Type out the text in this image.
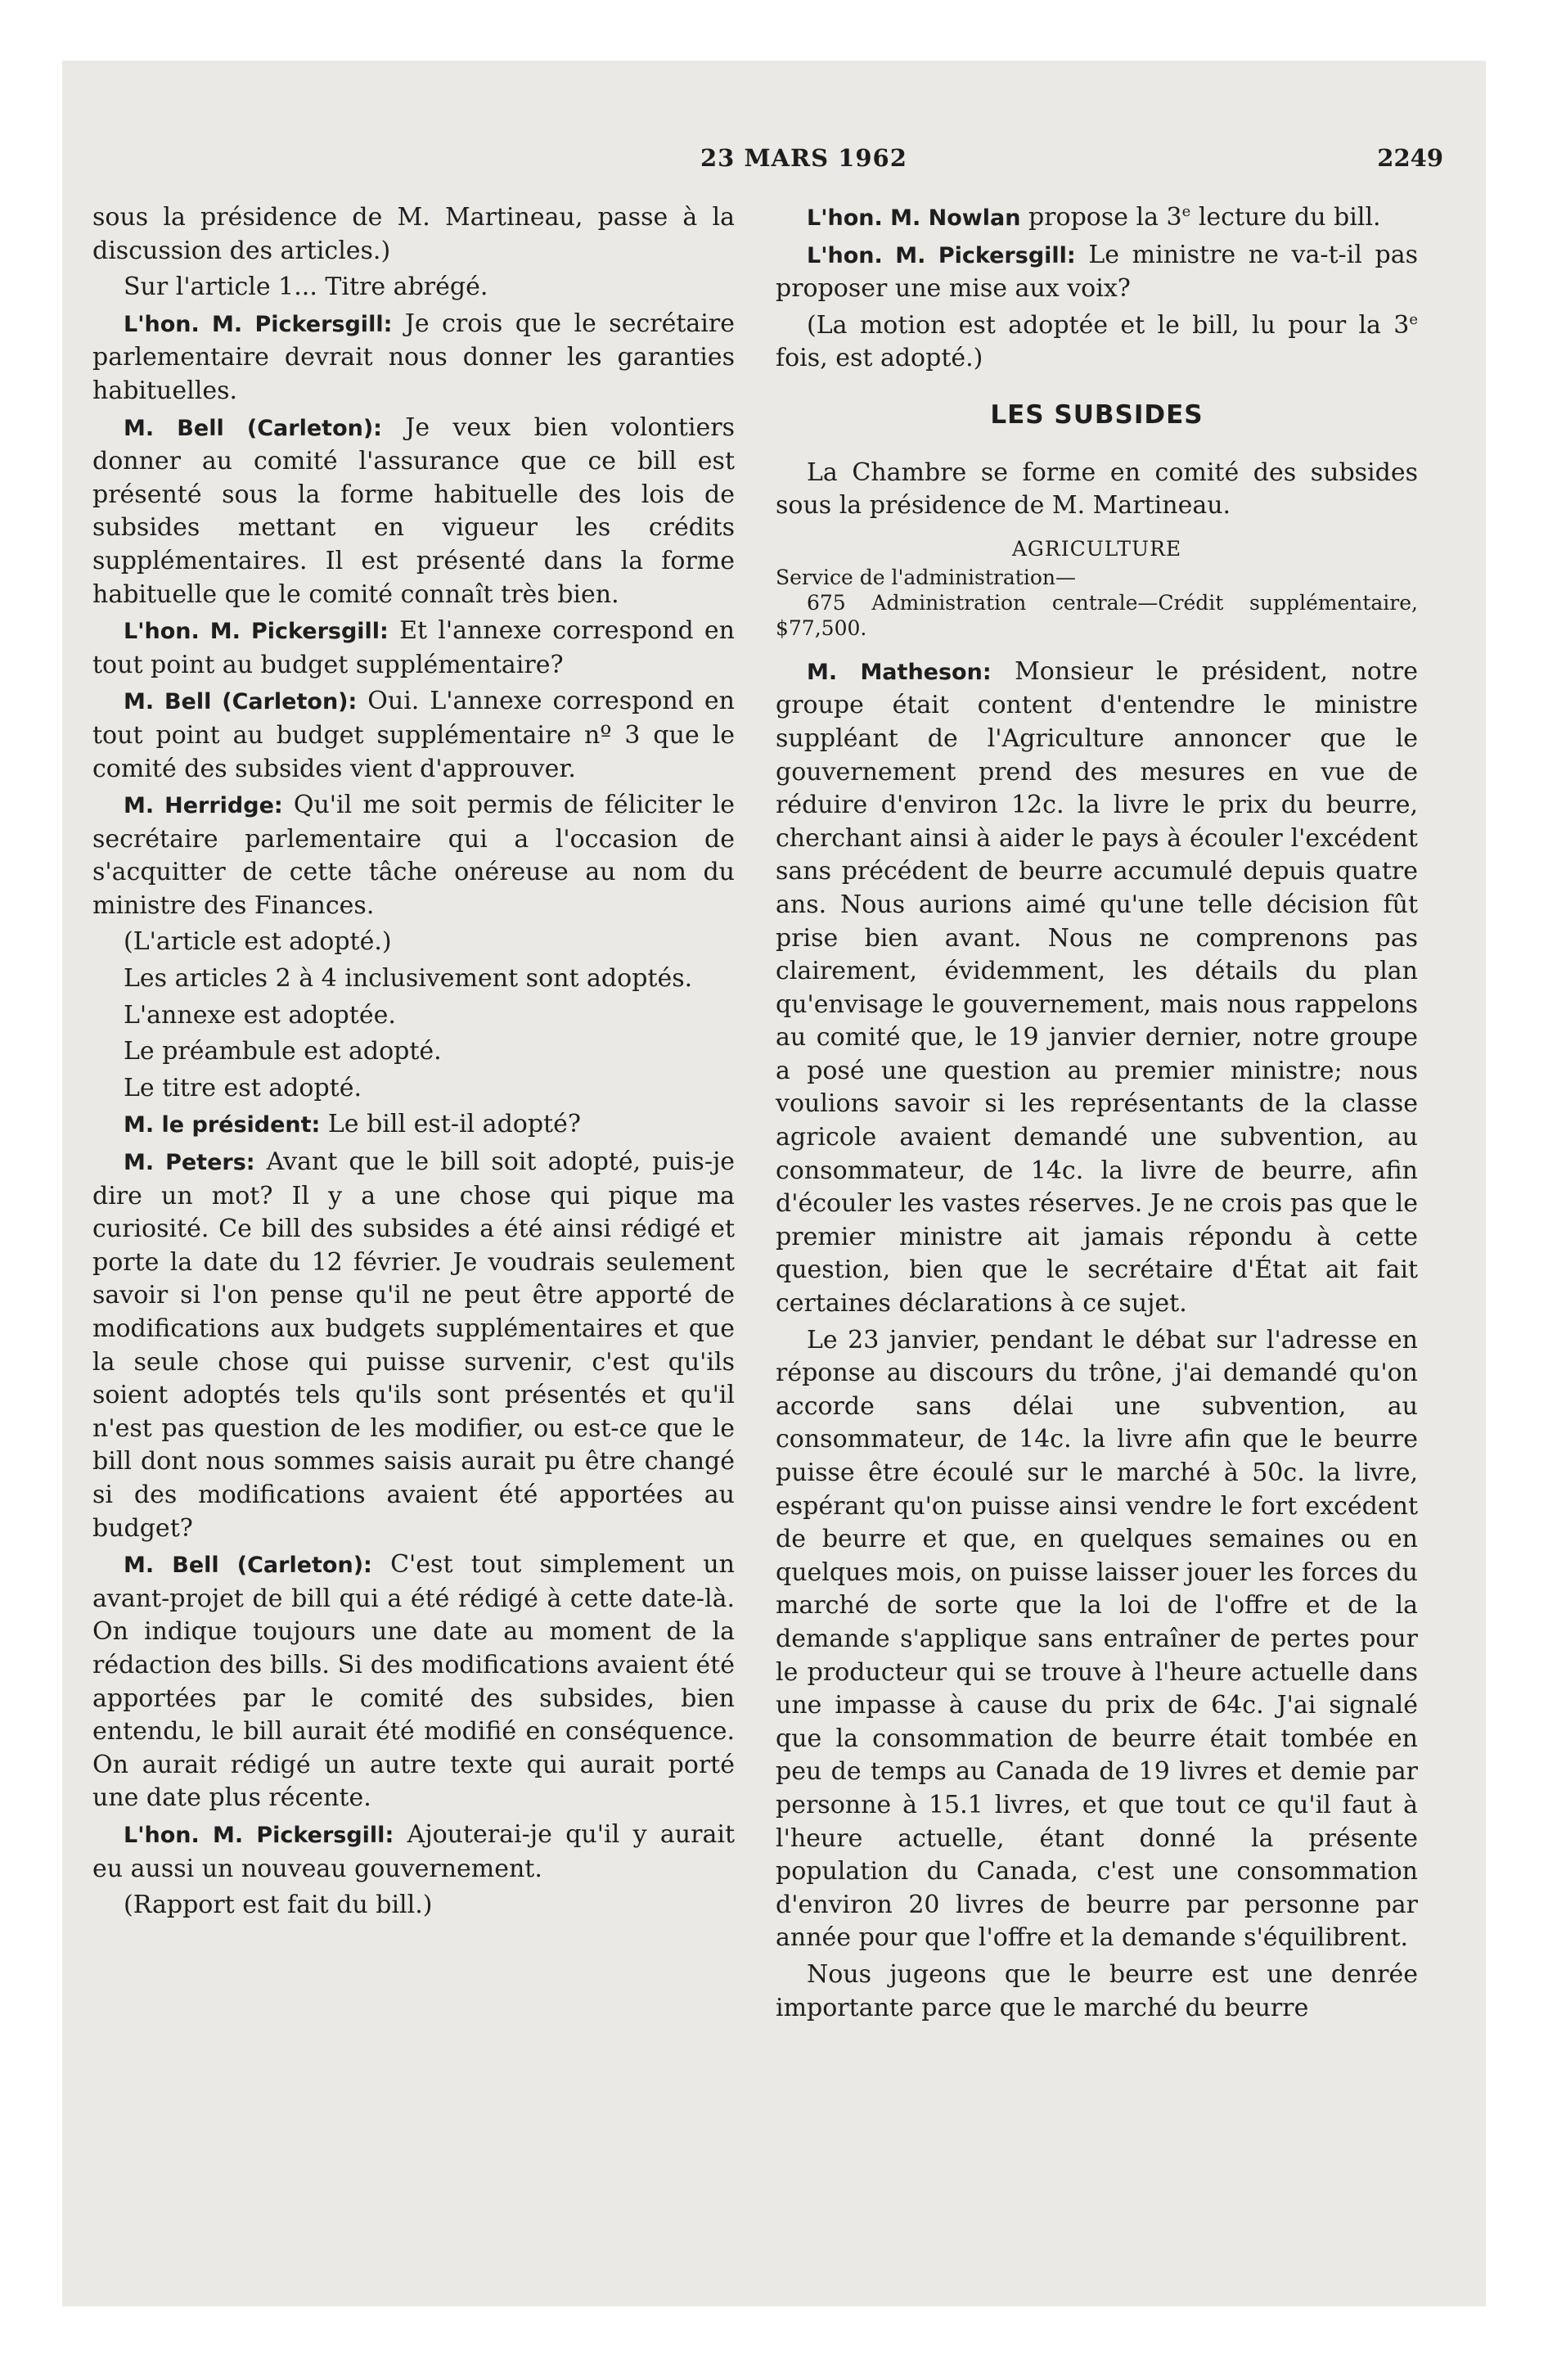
23 MARS 1962	2249

sous la présidence de M. Martineau, passe à la discussion des articles.)

Sur l'article 1... Titre abrégé.

L'hon. M. Pickersgill: Je crois que le secrétaire parlementaire devrait nous donner les garanties habituelles.

M. Bell (Carleton): Je veux bien volontiers donner au comité l'assurance que ce bill est présenté sous la forme habituelle des lois de subsides mettant en vigueur les crédits supplémentaires. Il est présenté dans la forme habituelle que le comité connaît très bien.

L'hon. M. Pickersgill: Et l'annexe correspond en tout point au budget supplémentaire?

M. Bell (Carleton): Oui. L'annexe correspond en tout point au budget supplémentaire nº 3 que le comité des subsides vient d'approuver.

M. Herridge: Qu'il me soit permis de féliciter le secrétaire parlementaire qui a l'occasion de s'acquitter de cette tâche onéreuse au nom du ministre des Finances.

(L'article est adopté.)

Les articles 2 à 4 inclusivement sont adoptés.

L'annexe est adoptée.

Le préambule est adopté.

Le titre est adopté.

M. le président: Le bill est-il adopté?

M. Peters: Avant que le bill soit adopté, puis-je dire un mot? Il y a une chose qui pique ma curiosité. Ce bill des subsides a été ainsi rédigé et porte la date du 12 février. Je voudrais seulement savoir si l'on pense qu'il ne peut être apporté de modifications aux budgets supplémentaires et que la seule chose qui puisse survenir, c'est qu'ils soient adoptés tels qu'ils sont présentés et qu'il n'est pas question de les modifier, ou est-ce que le bill dont nous sommes saisis aurait pu être changé si des modifications avaient été apportées au budget?

M. Bell (Carleton): C'est tout simplement un avant-projet de bill qui a été rédigé à cette date-là. On indique toujours une date au moment de la rédaction des bills. Si des modifications avaient été apportées par le comité des subsides, bien entendu, le bill aurait été modifié en conséquence. On aurait rédigé un autre texte qui aurait porté une date plus récente.

L'hon. M. Pickersgill: Ajouterai-je qu'il y aurait eu aussi un nouveau gouvernement.

(Rapport est fait du bill.)

L'hon. M. Nowlan propose la 3e lecture du bill.

L'hon. M. Pickersgill: Le ministre ne va-t-il pas proposer une mise aux voix?

(La motion est adoptée et le bill, lu pour la 3e fois, est adopté.)

LES SUBSIDES

La Chambre se forme en comité des subsides sous la présidence de M. Martineau.

AGRICULTURE

Service de l'administration—

675 Administration centrale—Crédit supplémentaire, $77,500.

M. Matheson: Monsieur le président, notre groupe était content d'entendre le ministre suppléant de l'Agriculture annoncer que le gouvernement prend des mesures en vue de réduire d'environ 12c. la livre le prix du beurre, cherchant ainsi à aider le pays à écouler l'excédent sans précédent de beurre accumulé depuis quatre ans. Nous aurions aimé qu'une telle décision fût prise bien avant. Nous ne comprenons pas clairement, évidemment, les détails du plan qu'envisage le gouvernement, mais nous rappelons au comité que, le 19 janvier dernier, notre groupe a posé une question au premier ministre; nous voulions savoir si les représentants de la classe agricole avaient demandé une subvention, au consommateur, de 14c. la livre de beurre, afin d'écouler les vastes réserves. Je ne crois pas que le premier ministre ait jamais répondu à cette question, bien que le secrétaire d'État ait fait certaines déclarations à ce sujet.

Le 23 janvier, pendant le débat sur l'adresse en réponse au discours du trône, j'ai demandé qu'on accorde sans délai une subvention, au consommateur, de 14c. la livre afin que le beurre puisse être écoulé sur le marché à 50c. la livre, espérant qu'on puisse ainsi vendre le fort excédent de beurre et que, en quelques semaines ou en quelques mois, on puisse laisser jouer les forces du marché de sorte que la loi de l'offre et de la demande s'applique sans entraîner de pertes pour le producteur qui se trouve à l'heure actuelle dans une impasse à cause du prix de 64c. J'ai signalé que la consommation de beurre était tombée en peu de temps au Canada de 19 livres et demie par personne à 15.1 livres, et que tout ce qu'il faut à l'heure actuelle, étant donné la présente population du Canada, c'est une consommation d'environ 20 livres de beurre par personne par année pour que l'offre et la demande s'équilibrent.

Nous jugeons que le beurre est une denrée importante parce que le marché du beurre
